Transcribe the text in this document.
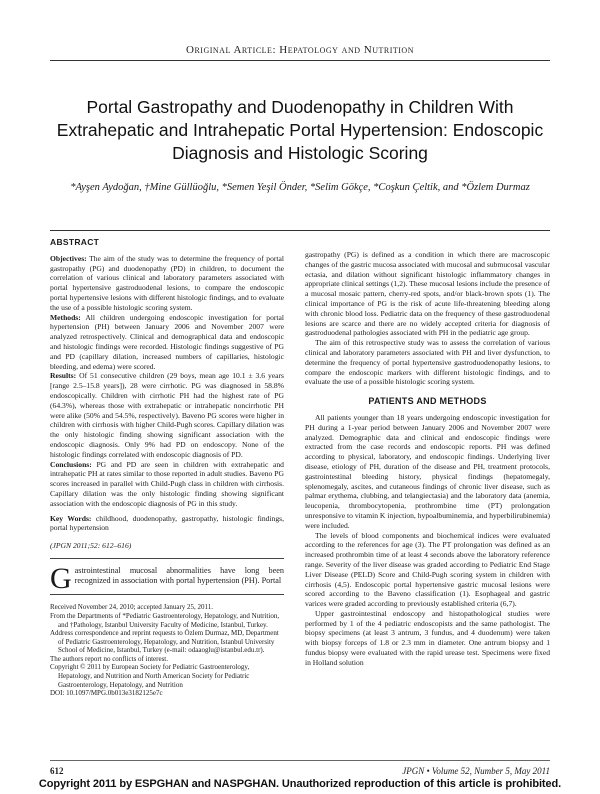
Original Article: Hepatology and Nutrition
Portal Gastropathy and Duodenopathy in Children With Extrahepatic and Intrahepatic Portal Hypertension: Endoscopic Diagnosis and Histologic Scoring
*Ayşen Aydoğan, †Mine Güllüoğlu, *Semen Yeşil Önder, *Selim Gökçe, *Coşkun Çeltik, and *Özlem Durmaz
ABSTRACT

Objectives: The aim of the study was to determine the frequency of portal gastropathy (PG) and duodenopathy (PD) in children, to document the correlation of various clinical and laboratory parameters associated with portal hypertensive gastroduodenal lesions, to compare the endoscopic portal hypertensive lesions with different histologic findings, and to evaluate the use of a possible histologic scoring system.

Methods: All children undergoing endoscopic investigation for portal hypertension (PH) between January 2006 and November 2007 were analyzed retrospectively. Clinical and demographical data and endoscopic and histologic findings were recorded. Histologic findings suggestive of PG and PD (capillary dilation, increased numbers of capillaries, histologic bleeding, and edema) were scored.

Results: Of 51 consecutive children (29 boys, mean age 10.1 ± 3.6 years [range 2.5–15.8 years]), 28 were cirrhotic. PG was diagnosed in 58.8% endoscopically. Children with cirrhotic PH had the highest rate of PG (64.3%), whereas those with extrahepatic or intrahepatic noncirrhotic PH were alike (50% and 54.5%, respectively). Baveno PG scores were higher in children with cirrhosis with higher Child-Pugh scores. Capillary dilation was the only histologic finding showing significant association with the endoscopic diagnosis. Only 9% had PD on endoscopy. None of the histologic findings correlated with endoscopic diagnosis of PD.

Conclusions: PG and PD are seen in children with extrahepatic and intrahepatic PH at rates similar to those reported in adult studies. Baveno PG scores increased in parallel with Child-Pugh class in children with cirrhosis. Capillary dilation was the only histologic finding showing significant association with the endoscopic diagnosis of PG in this study.

Key Words: childhood, duodenopathy, gastropathy, histologic findings, portal hypertension

(JPGN 2011;52: 612–616)

G astrointestinal mucosal abnormalities have long been recognized in association with portal hypertension (PH). Portal

Received November 24, 2010; accepted January 25, 2011.

From the Departments of *Pediatric Gastroenterology, Hepatology, and Nutrition, and †Pathology, Istanbul University Faculty of Medicine, Istanbul, Turkey.

Address correspondence and reprint requests to Özlem Durmaz, MD, Department of Pediatric Gastroenterology, Hepatology, and Nutrition, Istanbul University School of Medicine, Istanbul, Turkey (e-mail: odaaoglu@istanbul.edu.tr).

The authors report no conflicts of interest.

Copyright © 2011 by European Society for Pediatric Gastroenterology, Hepatology, and Nutrition and North American Society for Pediatric Gastroenterology, Hepatology, and Nutrition

DOI: 10.1097/MPG.0b013e3182125e7c

gastropathy (PG) is defined as a condition in which there are macroscopic changes of the gastric mucosa associated with mucosal and submucosal vascular ectasia, and dilation without significant histologic inflammatory changes in appropriate clinical settings (1,2). These mucosal lesions include the presence of a mucosal mosaic pattern, cherry-red spots, and/or black-brown spots (1). The clinical importance of PG is the risk of acute life-threatening bleeding along with chronic blood loss. Pediatric data on the frequency of these gastroduodenal lesions are scarce and there are no widely accepted criteria for diagnosis of gastroduodenal pathologies associated with PH in the pediatric age group.

The aim of this retrospective study was to assess the correlation of various clinical and laboratory parameters associated with PH and liver dysfunction, to determine the frequency of portal hypertensive gastroduodenopathy lesions, to compare the endoscopic markers with different histologic findings, and to evaluate the use of a possible histologic scoring system.

PATIENTS AND METHODS

All patients younger than 18 years undergoing endoscopic investigation for PH during a 1-year period between January 2006 and November 2007 were analyzed. Demographic data and clinical and endoscopic findings were extracted from the case records and endoscopic reports. PH was defined according to physical, laboratory, and endoscopic findings. Underlying liver disease, etiology of PH, duration of the disease and PH, treatment protocols, gastrointestinal bleeding history, physical findings (hepatomegaly, splenomegaly, ascites, and cutaneous findings of chronic liver disease, such as palmar erythema, clubbing, and telangiectasia) and the laboratory data (anemia, leucopenia, thrombocytopenia, prothrombine time (PT) prolongation unresponsive to vitamin K injection, hypoalbuminemia, and hyperbilirubinemia) were included.

The levels of blood components and biochemical indices were evaluated according to the references for age (3). The PT prolongation was defined as an increased prothrombin time of at least 4 seconds above the laboratory reference range. Severity of the liver disease was graded according to Pediatric End Stage Liver Disease (PELD) Score and Child-Pugh scoring system in children with cirrhosis (4,5). Endoscopic portal hypertensive gastric mucosal lesions were scored according to the Baveno classification (1). Esophageal and gastric varices were graded according to previously established criteria (6,7).

Upper gastrointestinal endoscopy and histopathological studies were performed by 1 of the 4 pediatric endoscopists and the same pathologist. The biopsy specimens (at least 3 antrum, 3 fundus, and 4 duodenum) were taken with biopsy forceps of 1.8 or 2.3 mm in diameter. One antrum biopsy and 1 fundus biopsy were evaluated with the rapid urease test. Specimens were fixed in Holland solution

612	JPGN • Volume 52, Number 5, May 2011
Copyright 2011 by ESPGHAN and NASPGHAN. Unauthorized reproduction of this article is prohibited.
